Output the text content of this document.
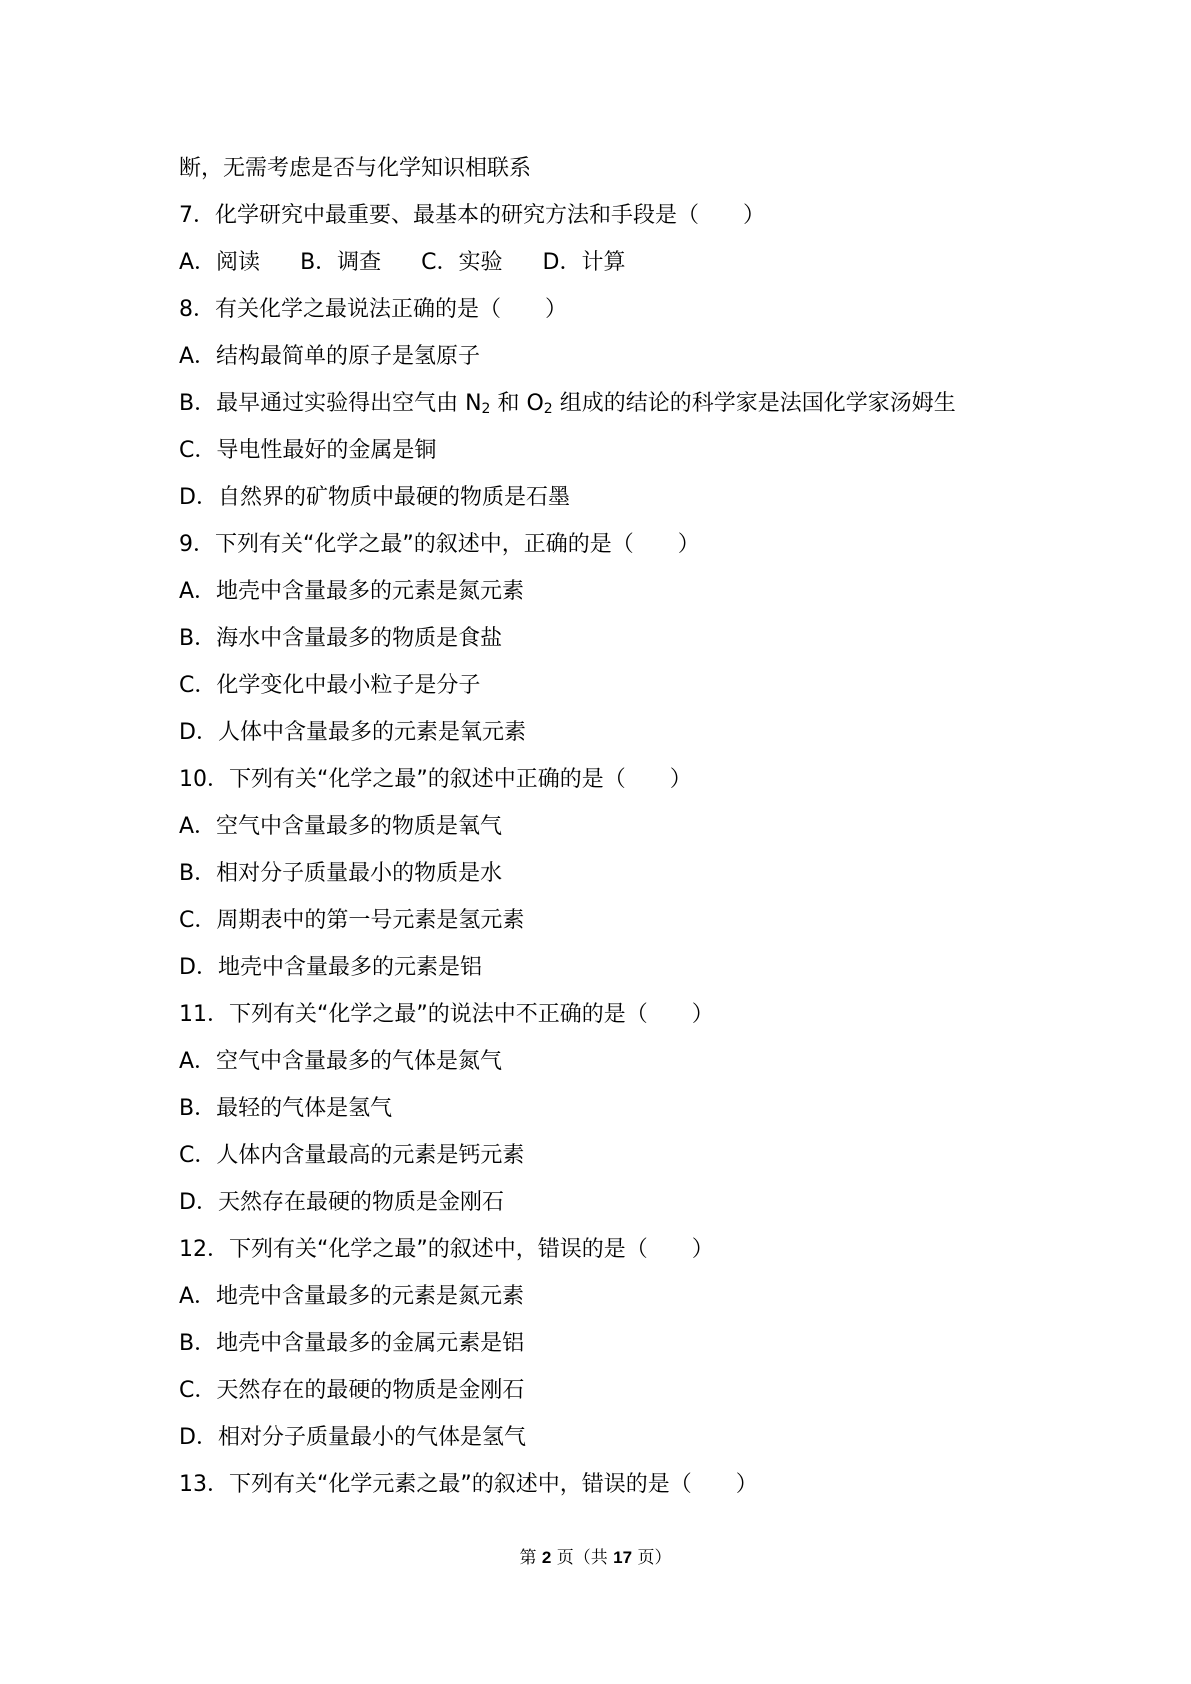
断，无需考虑是否与化学知识相联系
7．化学研究中最重要、最基本的研究方法和手段是（　　）
A．阅读 B．调查 C．实验 D．计算
8．有关化学之最说法正确的是（　　）
A．结构最简单的原子是氢原子
B．最早通过实验得出空气由 $N_2$ 和 $O_2$ 组成的结论的科学家是法国化学家汤姆生
C．导电性最好的金属是铜
D．自然界的矿物质中最硬的物质是石墨
9．下列有关“化学之最”的叙述中，正确的是（　　）
A．地壳中含量最多的元素是氮元素
B．海水中含量最多的物质是食盐
C．化学变化中最小粒子是分子
D．人体中含量最多的元素是氧元素
10．下列有关“化学之最”的叙述中正确的是（　　）
A．空气中含量最多的物质是氧气
B．相对分子质量最小的物质是水
C．周期表中的第一号元素是氢元素
D．地壳中含量最多的元素是铝
11．下列有关“化学之最”的说法中不正确的是（　　）
A．空气中含量最多的气体是氮气
B．最轻的气体是氢气
C．人体内含量最高的元素是钙元素
D．天然存在最硬的物质是金刚石
12．下列有关“化学之最”的叙述中，错误的是（　　）
A．地壳中含量最多的元素是氮元素
B．地壳中含量最多的金属元素是铝
C．天然存在的最硬的物质是金刚石
D．相对分子质量最小的气体是氢气
13．下列有关“化学元素之最”的叙述中，错误的是（　　）
第 2 页（共 17 页）
